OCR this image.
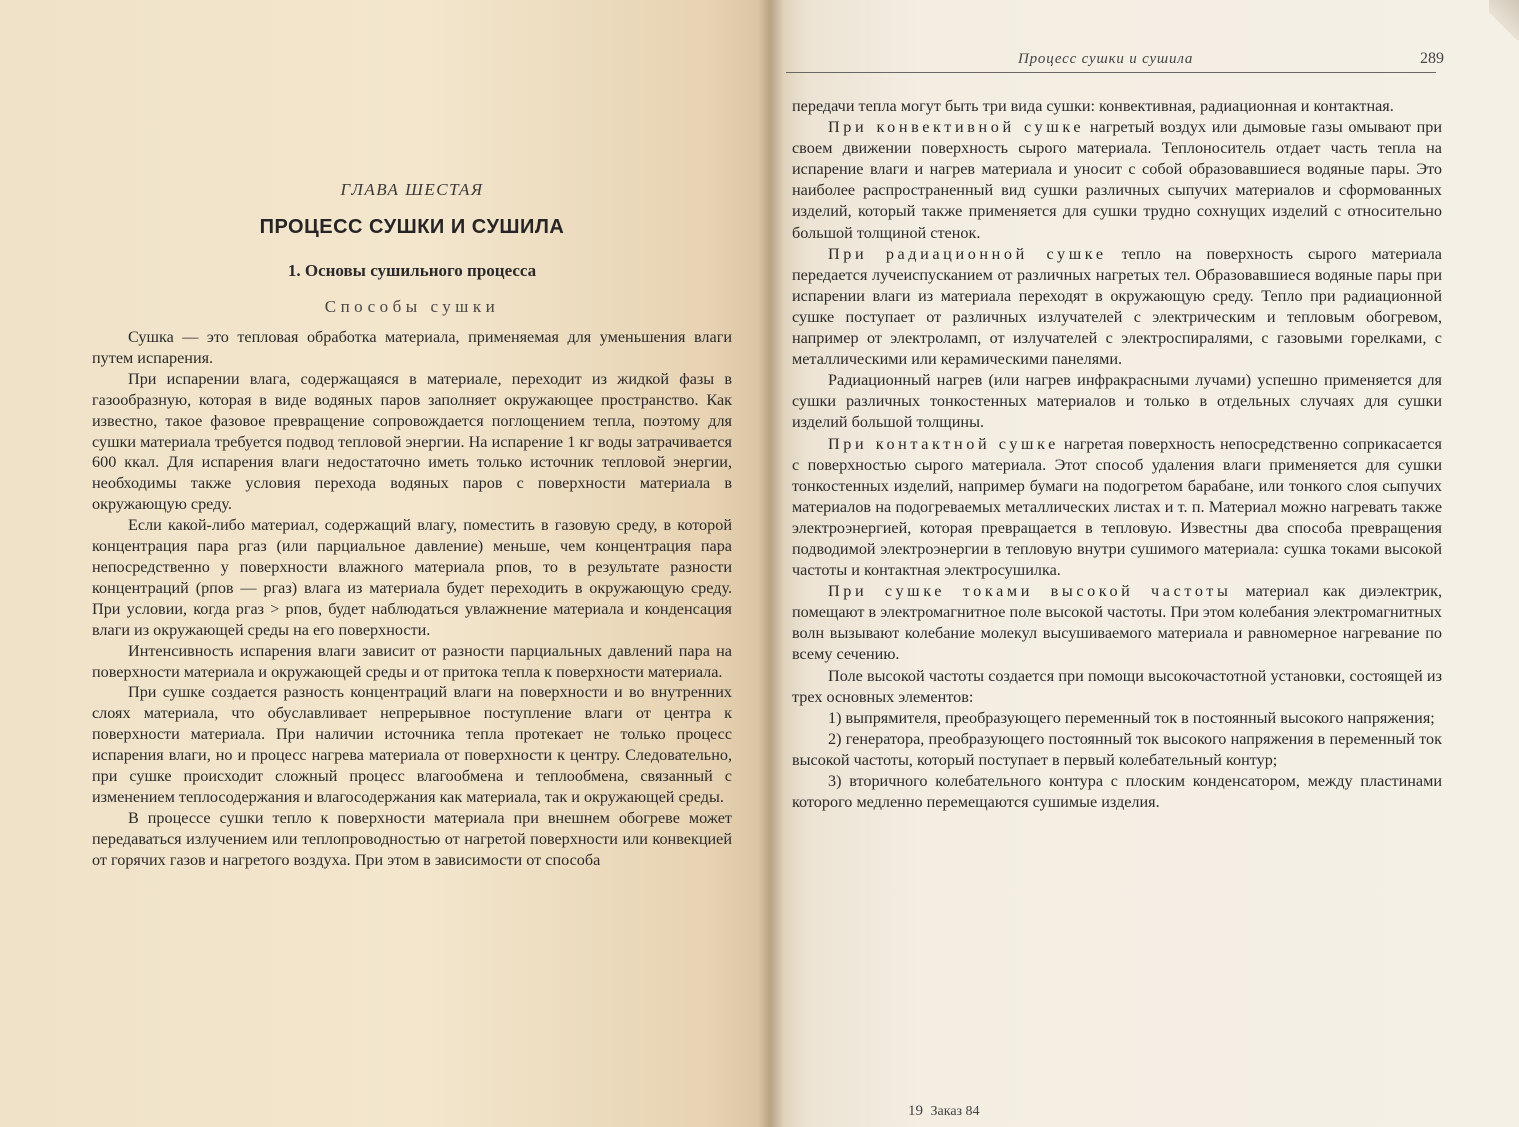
ГЛАВА ШЕСТАЯ
ПРОЦЕСС СУШКИ И СУШИЛА
1. Основы сушильного процесса
Способы сушки

Сушка — это тепловая обработка материала, применяемая для уменьшения влаги путем испарения.

При испарении влага, содержащаяся в материале, переходит из жидкой фазы в газообразную, которая в виде водяных паров заполняет окружающее пространство. Как известно, такое фазовое превращение сопровождается поглощением тепла, поэтому для сушки материала требуется подвод тепловой энергии. На испарение 1 кг воды затрачивается 600 ккал. Для испарения влаги недостаточно иметь только источник тепловой энергии, необходимы также условия перехода водяных паров с поверхности материала в окружающую среду.

Если какой-либо материал, содержащий влагу, поместить в газовую среду, в которой концентрация пара pгаз (или парциальное давление) меньше, чем концентрация пара непосредственно у поверхности влажного материала pпов, то в результате разности концентраций (pпов — pгаз) влага из материала будет переходить в окружающую среду. При условии, когда pгаз > pпов, будет наблюдаться увлажнение материала и конденсация влаги из окружающей среды на его поверхности.

Интенсивность испарения влаги зависит от разности парциальных давлений пара на поверхности материала и окружающей среды и от притока тепла к поверхности материала.

При сушке создается разность концентраций влаги на поверхности и во внутренних слоях материала, что обуславливает непрерывное поступление влаги от центра к поверхности материала. При наличии источника тепла протекает не только процесс испарения влаги, но и процесс нагрева материала от поверхности к центру. Следовательно, при сушке происходит сложный процесс влагообмена и теплообмена, связанный с изменением теплосодержания и влагосодержания как материала, так и окружающей среды.

В процессе сушки тепло к поверхности материала при внешнем обогреве может передаваться излучением или теплопроводностью от нагретой поверхности или конвекцией от горячих газов и нагретого воздуха. При этом в зависимости от способа

Процесс сушки и сушила	289

передачи тепла могут быть три вида сушки: конвективная, радиационная и контактная.

При конвективной сушке нагретый воздух или дымовые газы омывают при своем движении поверхность сырого материала. Теплоноситель отдает часть тепла на испарение влаги и нагрев материала и уносит с собой образовавшиеся водяные пары. Это наиболее распространенный вид сушки различных сыпучих материалов и сформованных изделий, который также применяется для сушки трудно сохнущих изделий с относительно большой толщиной стенок.

При радиационной сушке тепло на поверхность сырого материала передается лучеиспусканием от различных нагретых тел. Образовавшиеся водяные пары при испарении влаги из материала переходят в окружающую среду. Тепло при радиационной сушке поступает от различных излучателей с электрическим и тепловым обогревом, например от электроламп, от излучателей с электроспиралями, с газовыми горелками, с металлическими или керамическими панелями.

Радиационный нагрев (или нагрев инфракрасными лучами) успешно применяется для сушки различных тонкостенных материалов и только в отдельных случаях для сушки изделий большой толщины.

При контактной сушке нагретая поверхность непосредственно соприкасается с поверхностью сырого материала. Этот способ удаления влаги применяется для сушки тонкостенных изделий, например бумаги на подогретом барабане, или тонкого слоя сыпучих материалов на подогреваемых металлических листах и т. п. Материал можно нагревать также электроэнергией, которая превращается в тепловую. Известны два способа превращения подводимой электроэнергии в тепловую внутри сушимого материала: сушка токами высокой частоты и контактная электросушилка.

При сушке токами высокой частоты материал как диэлектрик, помещают в электромагнитное поле высокой частоты. При этом колебания электромагнитных волн вызывают колебание молекул высушиваемого материала и равномерное нагревание по всему сечению.

Поле высокой частоты создается при помощи высокочастотной установки, состоящей из трех основных элементов:

1) выпрямителя, преобразующего переменный ток в постоянный высокого напряжения;

2) генератора, преобразующего постоянный ток высокого напряжения в переменный ток высокой частоты, который поступает в первый колебательный контур;

3) вторичного колебательного контура с плоским конденсатором, между пластинами которого медленно перемещаются сушимые изделия.

19 Заказ 84
